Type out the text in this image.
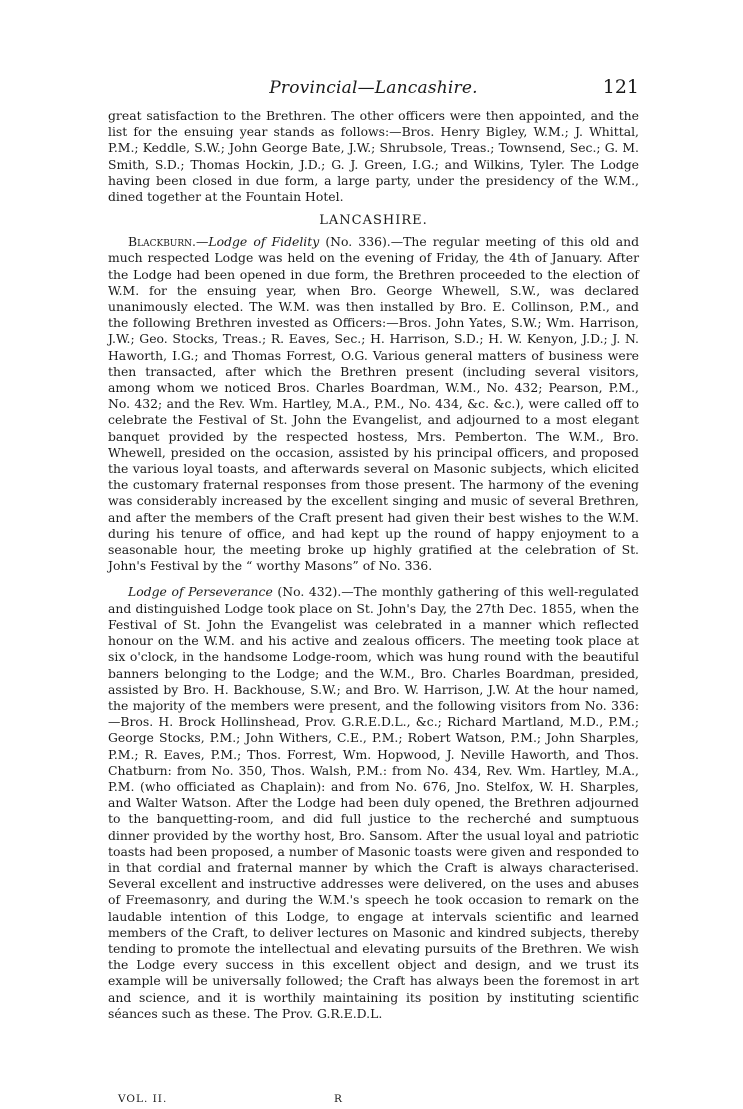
Provincial—Lancashire.	121

great satisfaction to the Brethren. The other officers were then appointed, and the list for the ensuing year stands as follows:—Bros. Henry Bigley, W.M.; J. Whittal, P.M.; Keddle, S.W.; John George Bate, J.W.; Shrubsole, Treas.; Townsend, Sec.; G. M. Smith, S.D.; Thomas Hockin, J.D.; G. J. Green, I.G.; and Wilkins, Tyler. The Lodge having been closed in due form, a large party, under the presidency of the W.M., dined together at the Fountain Hotel.

LANCASHIRE.

Blackburn.—Lodge of Fidelity (No. 336).—The regular meeting of this old and much respected Lodge was held on the evening of Friday, the 4th of January. After the Lodge had been opened in due form, the Brethren proceeded to the election of W.M. for the ensuing year, when Bro. George Whewell, S.W., was declared unanimously elected. The W.M. was then installed by Bro. E. Collinson, P.M., and the following Brethren invested as Officers:—Bros. John Yates, S.W.; Wm. Harrison, J.W.; Geo. Stocks, Treas.; R. Eaves, Sec.; H. Harrison, S.D.; H. W. Kenyon, J.D.; J. N. Haworth, I.G.; and Thomas Forrest, O.G. Various general matters of business were then transacted, after which the Brethren present (including several visitors, among whom we noticed Bros. Charles Boardman, W.M., No. 432; Pearson, P.M., No. 432; and the Rev. Wm. Hartley, M.A., P.M., No. 434, &c. &c.), were called off to celebrate the Festival of St. John the Evangelist, and adjourned to a most elegant banquet provided by the respected hostess, Mrs. Pemberton. The W.M., Bro. Whewell, presided on the occasion, assisted by his principal officers, and proposed the various loyal toasts, and afterwards several on Masonic subjects, which elicited the customary fraternal responses from those present. The harmony of the evening was considerably increased by the excellent singing and music of several Brethren, and after the members of the Craft present had given their best wishes to the W.M. during his tenure of office, and had kept up the round of happy enjoyment to a seasonable hour, the meeting broke up highly gratified at the celebration of St. John's Festival by the “ worthy Masons” of No. 336.

Lodge of Perseverance (No. 432).—The monthly gathering of this well-regulated and distinguished Lodge took place on St. John's Day, the 27th Dec. 1855, when the Festival of St. John the Evangelist was celebrated in a manner which reflected honour on the W.M. and his active and zealous officers. The meeting took place at six o'clock, in the handsome Lodge-room, which was hung round with the beautiful banners belonging to the Lodge; and the W.M., Bro. Charles Boardman, presided, assisted by Bro. H. Backhouse, S.W.; and Bro. W. Harrison, J.W. At the hour named, the majority of the members were present, and the following visitors from No. 336:—Bros. H. Brock Hollinshead, Prov. G.R.E.D.L., &c.; Richard Martland, M.D., P.M.; George Stocks, P.M.; John Withers, C.E., P.M.; Robert Watson, P.M.; John Sharples, P.M.; R. Eaves, P.M.; Thos. Forrest, Wm. Hopwood, J. Neville Haworth, and Thos. Chatburn: from No. 350, Thos. Walsh, P.M.: from No. 434, Rev. Wm. Hartley, M.A., P.M. (who officiated as Chaplain): and from No. 676, Jno. Stelfox, W. H. Sharples, and Walter Watson. After the Lodge had been duly opened, the Brethren adjourned to the banquetting-room, and did full justice to the recherché and sumptuous dinner provided by the worthy host, Bro. Sansom. After the usual loyal and patriotic toasts had been proposed, a number of Masonic toasts were given and responded to in that cordial and fraternal manner by which the Craft is always characterised. Several excellent and instructive addresses were delivered, on the uses and abuses of Freemasonry, and during the W.M.'s speech he took occasion to remark on the laudable intention of this Lodge, to engage at intervals scientific and learned members of the Craft, to deliver lectures on Masonic and kindred subjects, thereby tending to promote the intellectual and elevating pursuits of the Brethren. We wish the Lodge every success in this excellent object and design, and we trust its example will be universally followed; the Craft has always been the foremost in art and science, and it is worthily maintaining its position by instituting scientific séances such as these. The Prov. G.R.E.D.L.

VOL. II.	R
